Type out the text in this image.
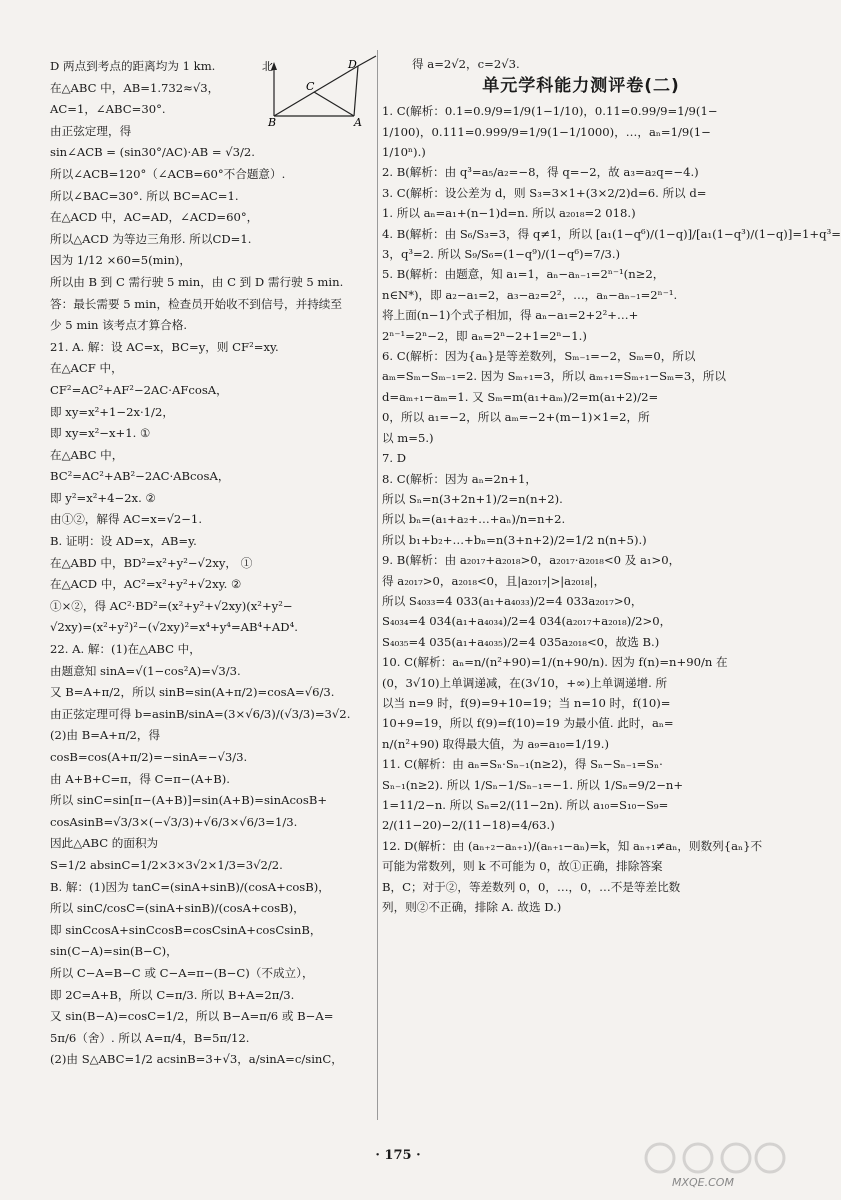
北	D
C
B	A
D 两点到考点的距离均为 1 km.
在△ABC 中，AB=1.732≈√3，
AC=1，∠ABC=30°.
由正弦定理，得
sin∠ACB = (sin30°/AC)·AB = √3/2.
所以∠ACB=120°（∠ACB=60°不合题意）.
所以∠BAC=30°. 所以 BC=AC=1.
在△ACD 中，AC=AD，∠ACD=60°，
所以△ACD 为等边三角形. 所以CD=1.
因为 1/12 ×60=5(min)，
所以由 B 到 C 需行驶 5 min，由 C 到 D 需行驶 5 min.
答：最长需要 5 min，检查员开始收不到信号，并持续至
少 5 min 该考点才算合格.
21. A. 解：设 AC=x，BC=y，则 CF²=xy.
在△ACF 中，
CF²=AC²+AF²−2AC·AFcosA，
即 xy=x²+1−2x·1/2，
即 xy=x²−x+1. ①
在△ABC 中，
BC²=AC²+AB²−2AC·ABcosA，
即 y²=x²+4−2x. ②
由①②，解得 AC=x=√2−1.
B. 证明：设 AD=x，AB=y.
在△ABD 中，BD²=x²+y²−√2xy， ①
在△ACD 中，AC²=x²+y²+√2xy. ②
①×②，得 AC²·BD²=(x²+y²+√2xy)(x²+y²−
√2xy)=(x²+y²)²−(√2xy)²=x⁴+y⁴=AB⁴+AD⁴.
22. A. 解：(1)在△ABC 中，
由题意知 sinA=√(1−cos²A)=√3/3.
又 B=A+π/2，所以 sinB=sin(A+π/2)=cosA=√6/3.
由正弦定理可得 b=asinB/sinA=(3×√6/3)/(√3/3)=3√2.
(2)由 B=A+π/2，得
cosB=cos(A+π/2)=−sinA=−√3/3.
由 A+B+C=π，得 C=π−(A+B).
所以 sinC=sin[π−(A+B)]=sin(A+B)=sinAcosB+
cosAsinB=√3/3×(−√3/3)+√6/3×√6/3=1/3.
因此△ABC 的面积为
S=1/2 absinC=1/2×3×3√2×1/3=3√2/2.
B. 解：(1)因为 tanC=(sinA+sinB)/(cosA+cosB)，
所以 sinC/cosC=(sinA+sinB)/(cosA+cosB)，
即 sinCcosA+sinCcosB=cosCsinA+cosCsinB，
sin(C−A)=sin(B−C)，
所以 C−A=B−C 或 C−A=π−(B−C)（不成立），
即 2C=A+B，所以 C=π/3. 所以 B+A=2π/3.
又 sin(B−A)=cosC=1/2，所以 B−A=π/6 或 B−A=
5π/6（舍）. 所以 A=π/4，B=5π/12.
(2)由 S△ABC=1/2 acsinB=3+√3，a/sinA=c/sinC，
得 a=2√2，c=2√3.
单元学科能力测评卷(二)
1. C(解析：0.1=0.9/9=1/9(1−1/10)，0.11=0.99/9=1/9(1−
1/100)，0.111=0.999/9=1/9(1−1/1000)，…，aₙ=1/9(1−
1/10ⁿ).)
2. B(解析：由 q³=a₅/a₂=−8，得 q=−2，故 a₃=a₂q=−4.)
3. C(解析：设公差为 d，则 S₃=3×1+(3×2/2)d=6. 所以 d=
1. 所以 aₙ=a₁+(n−1)d=n. 所以 a₂₀₁₈=2 018.)
4. B(解析：由 S₆/S₃=3，得 q≠1，所以 [a₁(1−q⁶)/(1−q)]/[a₁(1−q³)/(1−q)]=1+q³=
3，q³=2. 所以 S₉/S₆=(1−q⁹)/(1−q⁶)=7/3.)
5. B(解析：由题意，知 a₁=1，aₙ−aₙ₋₁=2ⁿ⁻¹(n≥2，
n∈N*)，即 a₂−a₁=2，a₃−a₂=2²，…，aₙ−aₙ₋₁=2ⁿ⁻¹.
将上面(n−1)个式子相加，得 aₙ−a₁=2+2²+…+
2ⁿ⁻¹=2ⁿ−2，即 aₙ=2ⁿ−2+1=2ⁿ−1.)
6. C(解析：因为{aₙ}是等差数列，Sₘ₋₁=−2，Sₘ=0，所以
aₘ=Sₘ−Sₘ₋₁=2. 因为 Sₘ₊₁=3，所以 aₘ₊₁=Sₘ₊₁−Sₘ=3，所以
d=aₘ₊₁−aₘ=1. 又 Sₘ=m(a₁+aₘ)/2=m(a₁+2)/2=
0，所以 a₁=−2，所以 aₘ=−2+(m−1)×1=2，所
以 m=5.)
7. D
8. C(解析：因为 aₙ=2n+1，
所以 Sₙ=n(3+2n+1)/2=n(n+2).
所以 bₙ=(a₁+a₂+…+aₙ)/n=n+2.
所以 b₁+b₂+…+bₙ=n(3+n+2)/2=1/2 n(n+5).)
9. B(解析：由 a₂₀₁₇+a₂₀₁₈>0，a₂₀₁₇·a₂₀₁₈<0 及 a₁>0，
得 a₂₀₁₇>0，a₂₀₁₈<0，且|a₂₀₁₇|>|a₂₀₁₈|，
所以 S₄₀₃₃=4 033(a₁+a₄₀₃₃)/2=4 033a₂₀₁₇>0，
S₄₀₃₄=4 034(a₁+a₄₀₃₄)/2=4 034(a₂₀₁₇+a₂₀₁₈)/2>0，
S₄₀₃₅=4 035(a₁+a₄₀₃₅)/2=4 035a₂₀₁₈<0，故选 B.)
10. C(解析：aₙ=n/(n²+90)=1/(n+90/n). 因为 f(n)=n+90/n 在
(0，3√10)上单调递减，在(3√10，+∞)上单调递增. 所
以当 n=9 时，f(9)=9+10=19；当 n=10 时，f(10)=
10+9=19，所以 f(9)=f(10)=19 为最小值. 此时，aₙ=
n/(n²+90) 取得最大值，为 a₉=a₁₀=1/19.)
11. C(解析：由 aₙ=Sₙ·Sₙ₋₁(n≥2)，得 Sₙ−Sₙ₋₁=Sₙ·
Sₙ₋₁(n≥2). 所以 1/Sₙ−1/Sₙ₋₁=−1. 所以 1/Sₙ=9/2−n+
1=11/2−n. 所以 Sₙ=2/(11−2n). 所以 a₁₀=S₁₀−S₉=
2/(11−20)−2/(11−18)=4/63.)
12. D(解析：由 (aₙ₊₂−aₙ₊₁)/(aₙ₊₁−aₙ)=k，知 aₙ₊₁≠aₙ，则数列{aₙ}不
可能为常数列，则 k 不可能为 0，故①正确，排除答案
B，C；对于②，等差数列 0，0，…，0，…不是等差比数
列，则②不正确，排除 A. 故选 D.)
· 175 ·
MXQE.COM
